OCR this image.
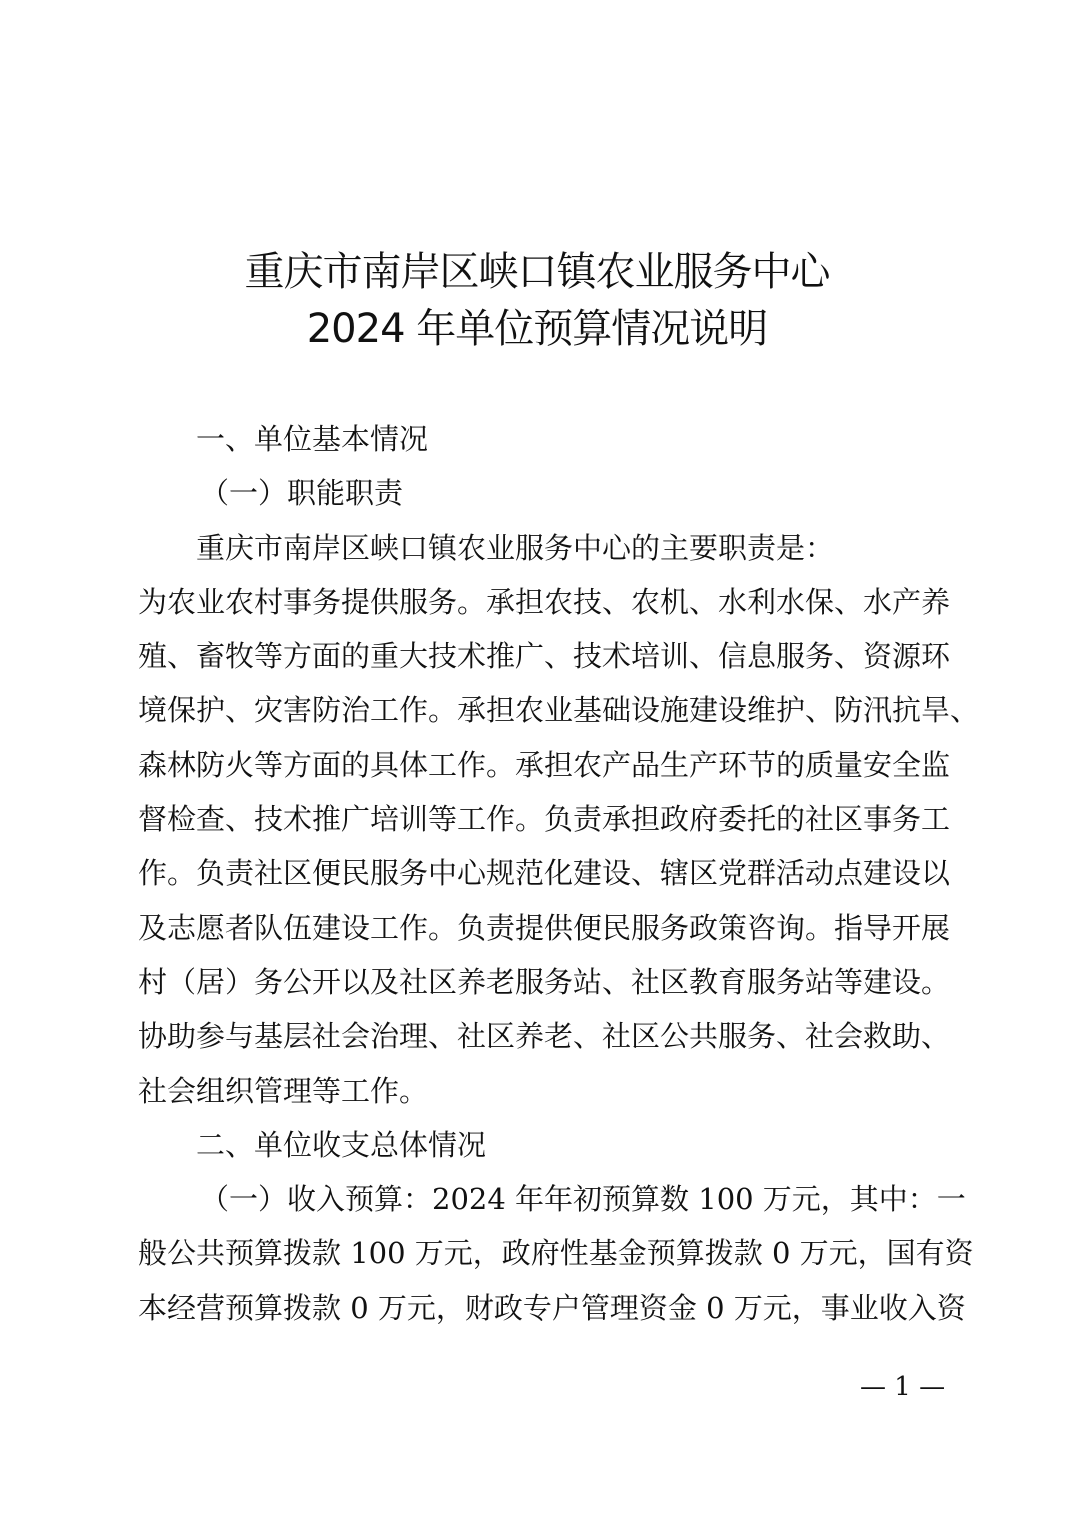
重庆市南岸区峡口镇农业服务中心
2024 年单位预算情况说明
一、单位基本情况
（一）职能职责
重庆市南岸区峡口镇农业服务中心的主要职责是：
为农业农村事务提供服务。承担农技、农机、水利水保、水产养
殖、畜牧等方面的重大技术推广、技术培训、信息服务、资源环
境保护、灾害防治工作。承担农业基础设施建设维护、防汛抗旱、
森林防火等方面的具体工作。承担农产品生产环节的质量安全监
督检查、技术推广培训等工作。负责承担政府委托的社区事务工
作。负责社区便民服务中心规范化建设、辖区党群活动点建设以
及志愿者队伍建设工作。负责提供便民服务政策咨询。指导开展
村（居）务公开以及社区养老服务站、社区教育服务站等建设。
协助参与基层社会治理、社区养老、社区公共服务、社会救助、
社会组织管理等工作。
二、单位收支总体情况
（一）收入预算：2024 年年初预算数 100 万元，其中：一
般公共预算拨款 100 万元，政府性基金预算拨款 0 万元，国有资
本经营预算拨款 0 万元，财政专户管理资金 0 万元，事业收入资
— 1 —
